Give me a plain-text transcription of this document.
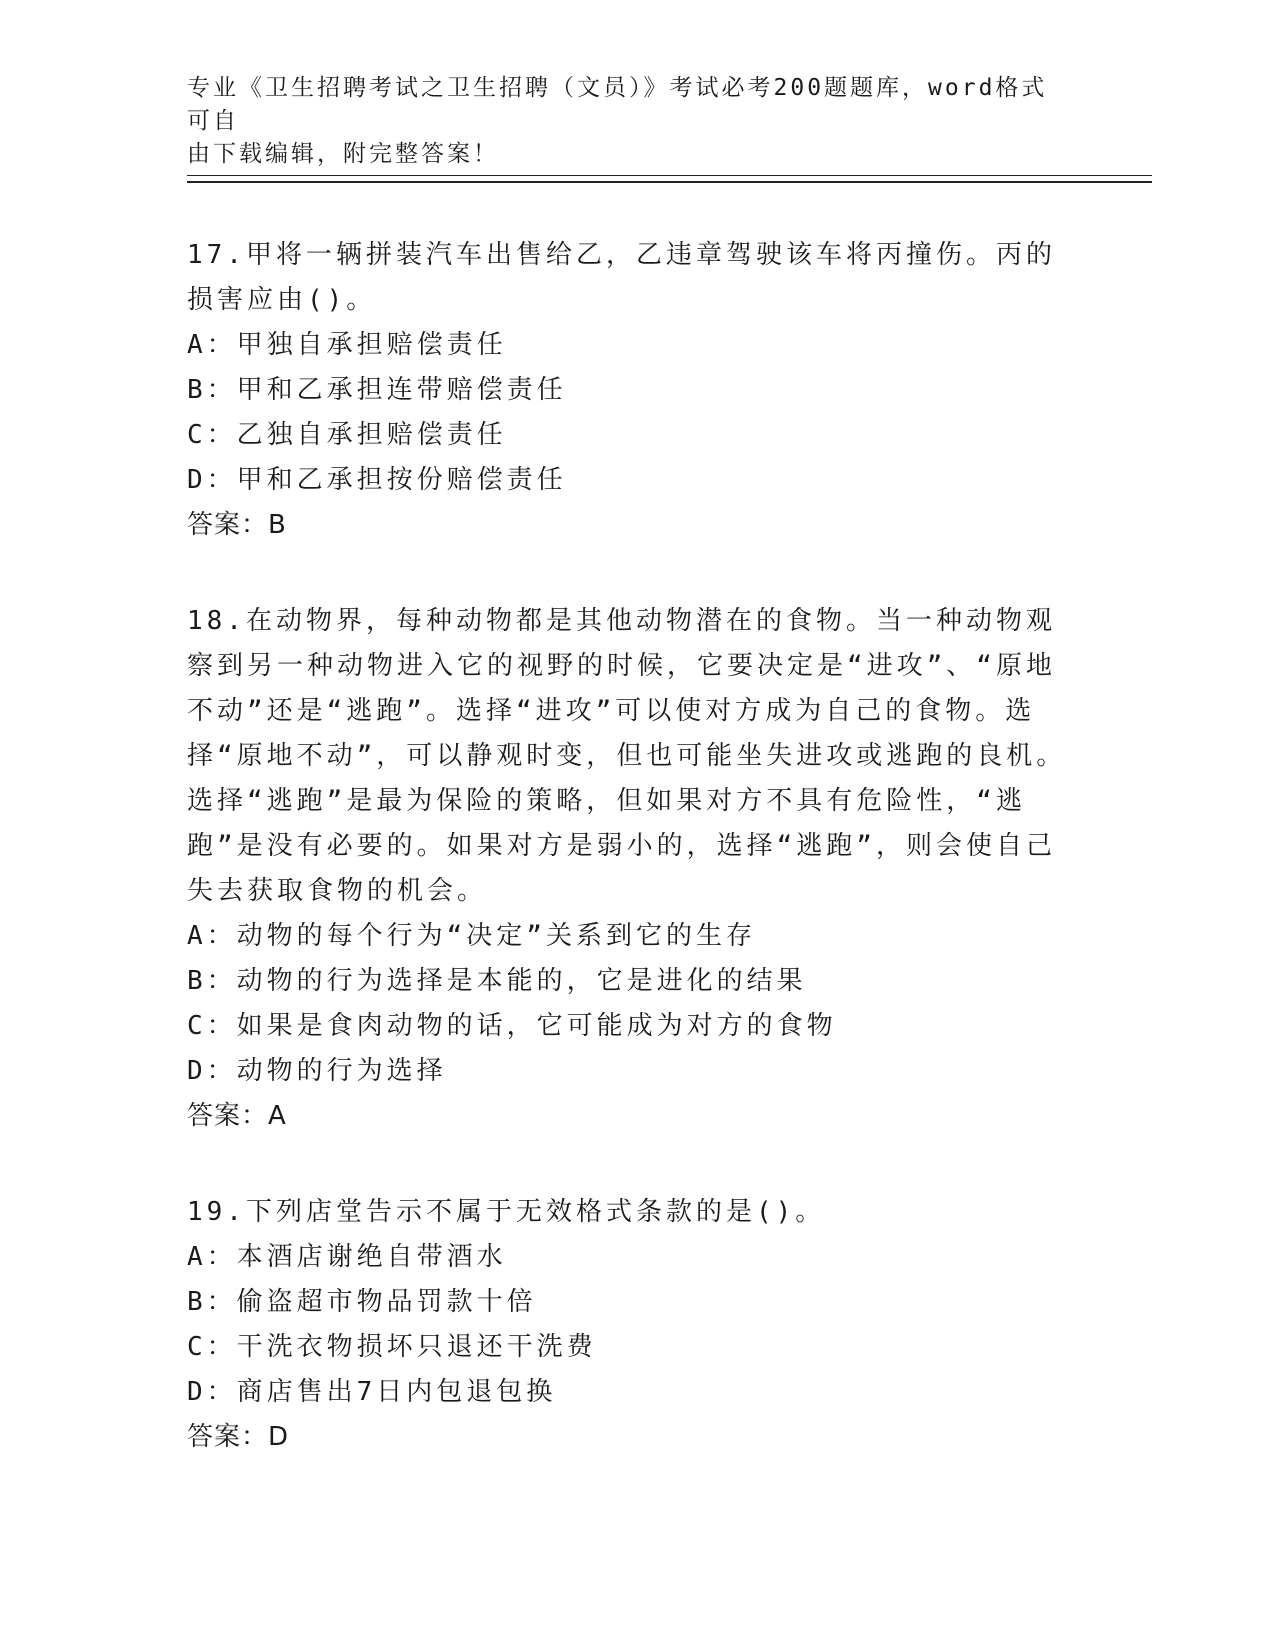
专业《卫生招聘考试之卫生招聘（文员）》考试必考200题题库，word格式可自
由下载编辑，附完整答案！

17.甲将一辆拼装汽车出售给乙，乙违章驾驶该车将丙撞伤。丙的损害应由()。

A：甲独自承担赔偿责任

B：甲和乙承担连带赔偿责任

C：乙独自承担赔偿责任

D：甲和乙承担按份赔偿责任

答案：B

18.在动物界，每种动物都是其他动物潜在的食物。当一种动物观察到另一种动物进入它的视野的时候，它要决定是“进攻”、“原地不动”还是“逃跑”。选择“进攻”可以使对方成为自己的食物。选择“原地不动”，可以静观时变，但也可能坐失进攻或逃跑的良机。选择“逃跑”是最为保险的策略，但如果对方不具有危险性，“逃跑”是没有必要的。如果对方是弱小的，选择“逃跑”，则会使自己失去获取食物的机会。

A：动物的每个行为“决定”关系到它的生存

B：动物的行为选择是本能的，它是进化的结果

C：如果是食肉动物的话，它可能成为对方的食物

D：动物的行为选择

答案：A

19.下列店堂告示不属于无效格式条款的是()。

A：本酒店谢绝自带酒水

B：偷盗超市物品罚款十倍

C：干洗衣物损坏只退还干洗费

D：商店售出7日内包退包换

答案：D
